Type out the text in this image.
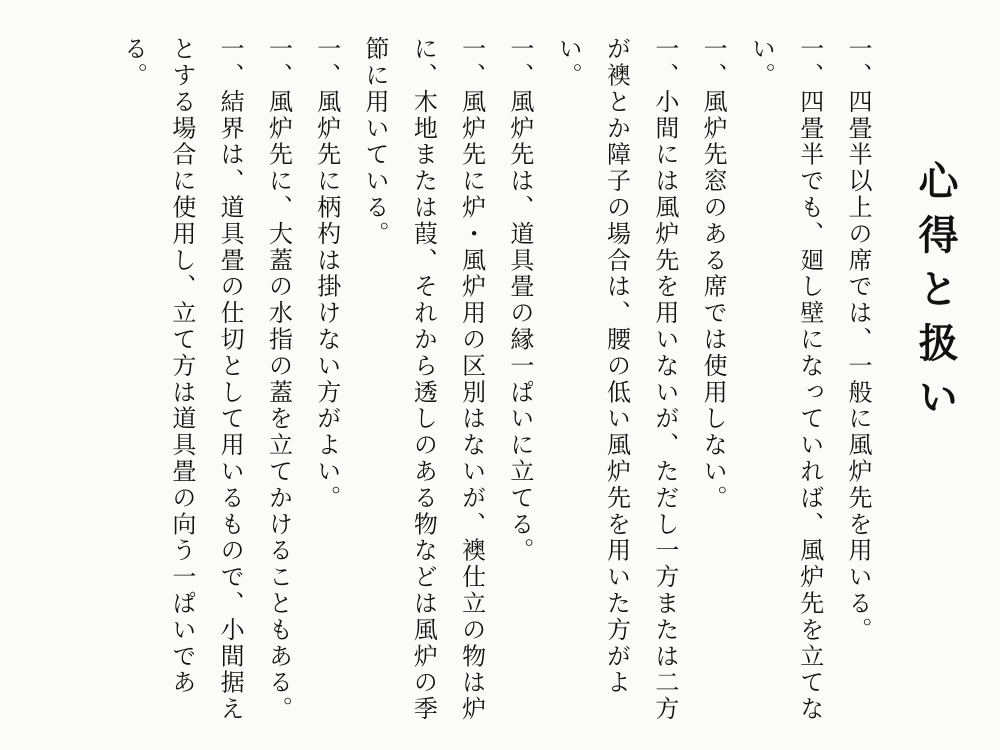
心得と扱い

一、四畳半以上の席では、一般に風炉先を用いる。

一、四畳半でも、廻し壁になっていれば、風炉先を立てない。

一、風炉先窓のある席では使用しない。

一、小間には風炉先を用いないが、ただし一方または二方が襖とか障子の場合は、腰の低い風炉先を用いた方がよい。

一、風炉先は、道具畳の縁一ぱいに立てる。

一、風炉先に炉・風炉用の区別はないが、襖仕立の物は炉に、木地または葭、それから透しのある物などは風炉の季節に用いている。

一、風炉先に柄杓は掛けない方がよい。

一、風炉先に、大蓋の水指の蓋を立てかけることもある。

一、結界は、道具畳の仕切として用いるもので、小間据えとする場合に使用し、立て方は道具畳の向う一ぱいである。
